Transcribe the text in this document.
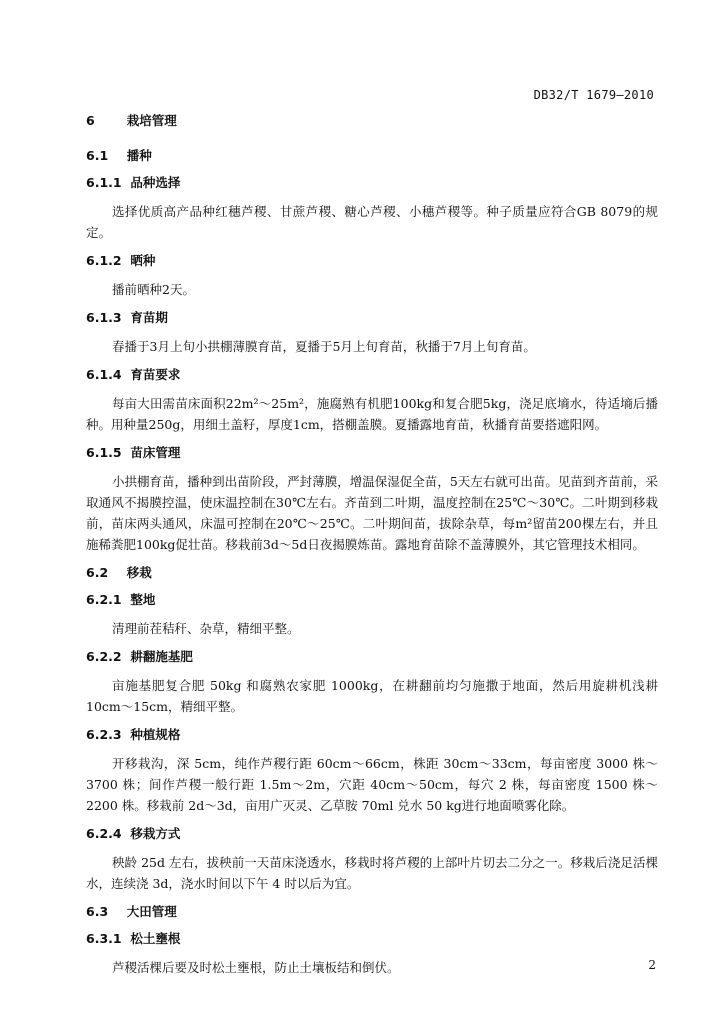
DB32/T 1679—2010
6	栽培管理
6.1 播种
6.1.1 品种选择

选择优质高产品种红穗芦稷、甘蔗芦稷、糖心芦稷、小穗芦稷等。种子质量应符合GB 8079的规定。

6.1.2 晒种

播前晒种2天。

6.1.3 育苗期

春播于3月上旬小拱棚薄膜育苗，夏播于5月上旬育苗，秋播于7月上旬育苗。

6.1.4 育苗要求

每亩大田需苗床面积22m²～25m²，施腐熟有机肥100kg和复合肥5kg，浇足底墒水，待适墒后播种。用种量250g，用细土盖籽，厚度1cm，搭棚盖膜。夏播露地育苗，秋播育苗要搭遮阳网。

6.1.5 苗床管理

小拱棚育苗，播种到出苗阶段，严封薄膜，增温保湿促全苗，5天左右就可出苗。见苗到齐苗前，采取通风不揭膜控温，使床温控制在30℃左右。齐苗到二叶期，温度控制在25℃～30℃。二叶期到移栽前，苗床两头通风，床温可控制在20℃～25℃。二叶期间苗，拔除杂草，每m²留苗200棵左右，并且施稀粪肥100kg促壮苗。移栽前3d～5d日夜揭膜炼苗。露地育苗除不盖薄膜外，其它管理技术相同。

6.2 移栽
6.2.1 整地

清理前茬秸秆、杂草，精细平整。

6.2.2 耕翻施基肥

亩施基肥复合肥 50kg 和腐熟农家肥 1000kg，在耕翻前均匀施撒于地面，然后用旋耕机浅耕 10cm～15cm，精细平整。

6.2.3 种植规格

开移栽沟，深 5cm，纯作芦稷行距 60cm～66cm，株距 30cm～33cm，每亩密度 3000 株～3700 株；间作芦稷一般行距 1.5m～2m，穴距 40cm～50cm，每穴 2 株，每亩密度 1500 株～2200 株。移栽前 2d～3d，亩用广灭灵、乙草胺 70ml 兑水 50 kg进行地面喷雾化除。

6.2.4 移栽方式

秧龄 25d 左右，拔秧前一天苗床浇透水，移栽时将芦稷的上部叶片切去二分之一。移栽后浇足活棵水，连续浇 3d，浇水时间以下午 4 时以后为宜。

6.3 大田管理
6.3.1 松土壅根

芦稷活棵后要及时松土壅根，防止土壤板结和倒伏。	2
